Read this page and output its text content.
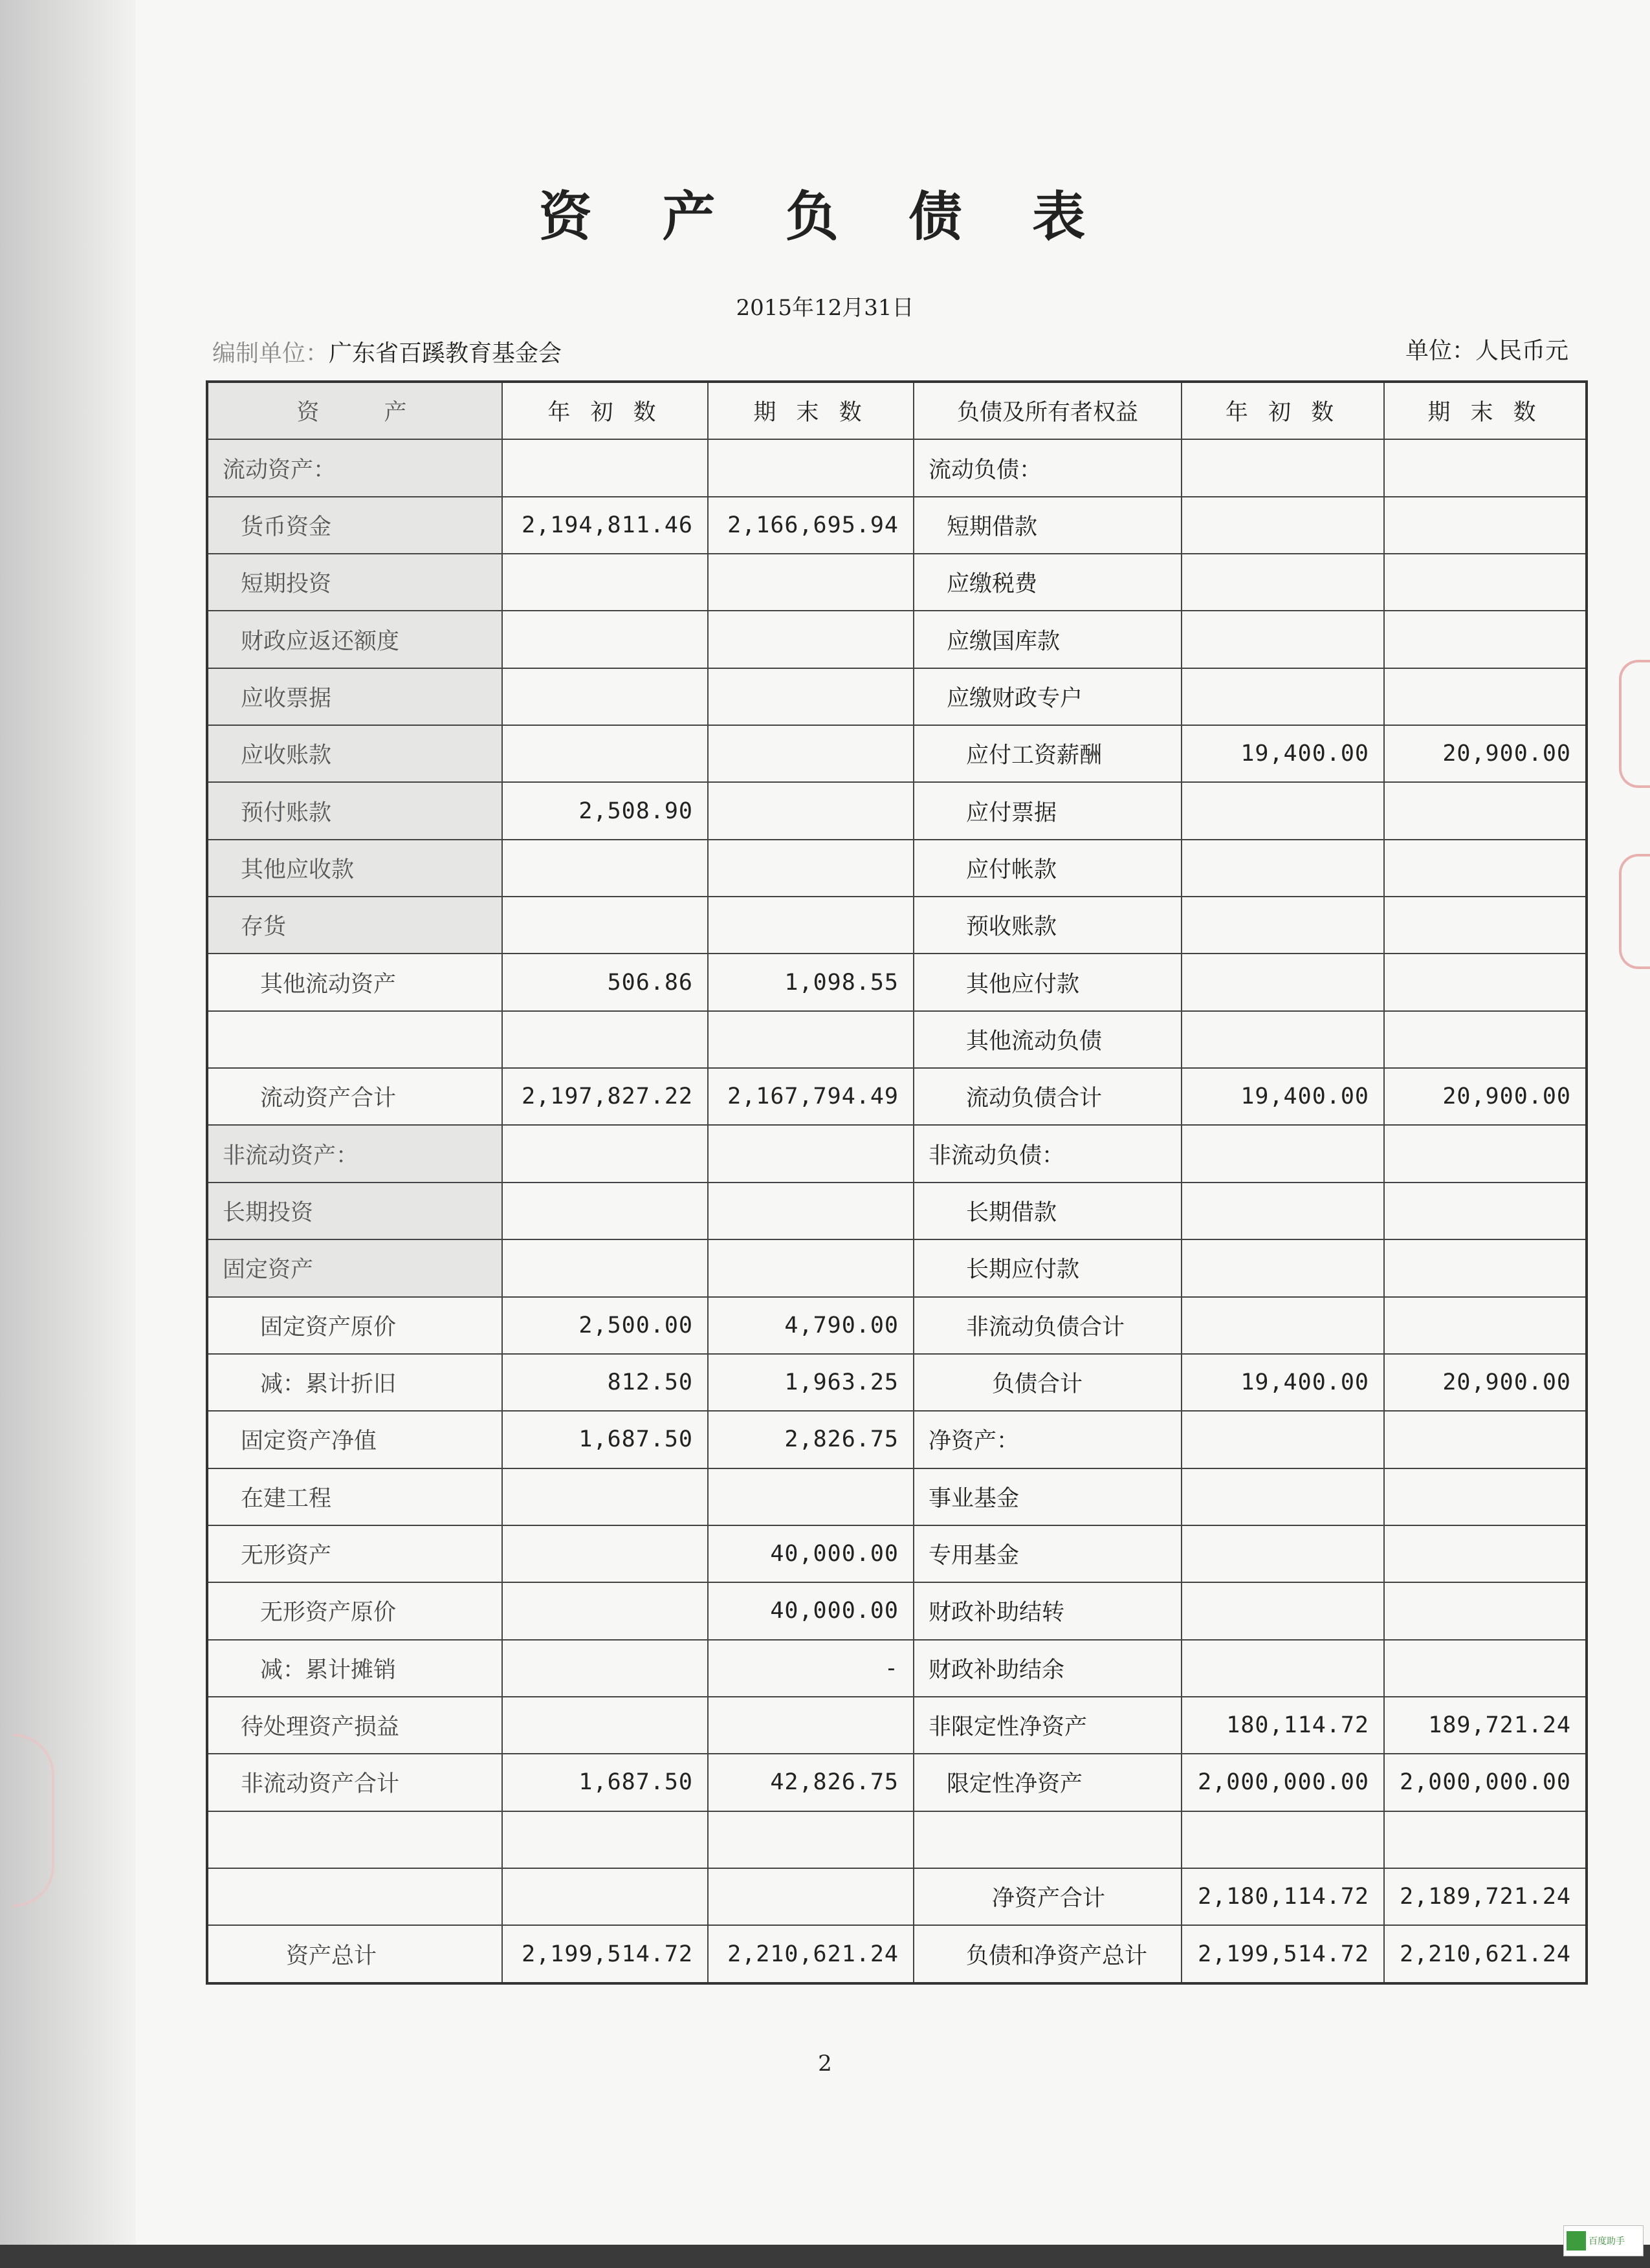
资 产 负 债 表
2015年12月31日
编制单位：广东省百蹊教育基金会	单位：人民币元
资　　产	年 初 数	期 末 数	负债及所有者权益	年 初 数	期 末 数
流动资产：			流动负债：		
货币资金	2,194,811.46	2,166,695.94	短期借款		
短期投资			应缴税费		
财政应返还额度			应缴国库款		
应收票据			应缴财政专户		
应收账款			应付工资薪酬	19,400.00	20,900.00
预付账款	2,508.90		应付票据		
其他应收款			应付帐款		
存货			预收账款		
其他流动资产	506.86	1,098.55	其他应付款		
			其他流动负债		
流动资产合计	2,197,827.22	2,167,794.49	流动负债合计	19,400.00	20,900.00
非流动资产：			非流动负债：		
长期投资			长期借款		
固定资产			长期应付款		
固定资产原价	2,500.00	4,790.00	非流动负债合计		
减：累计折旧	812.50	1,963.25	负债合计	19,400.00	20,900.00
固定资产净值	1,687.50	2,826.75	净资产：		
在建工程			事业基金		
无形资产		40,000.00	专用基金		
无形资产原价		40,000.00	财政补助结转		
减：累计摊销		-	财政补助结余		
待处理资产损益			非限定性净资产	180,114.72	189,721.24
非流动资产合计	1,687.50	42,826.75	限定性净资产	2,000,000.00	2,000,000.00

			净资产合计	2,180,114.72	2,189,721.24
资产总计	2,199,514.72	2,210,621.24	负债和净资产总计	2,199,514.72	2,210,621.24
2
百度助手
